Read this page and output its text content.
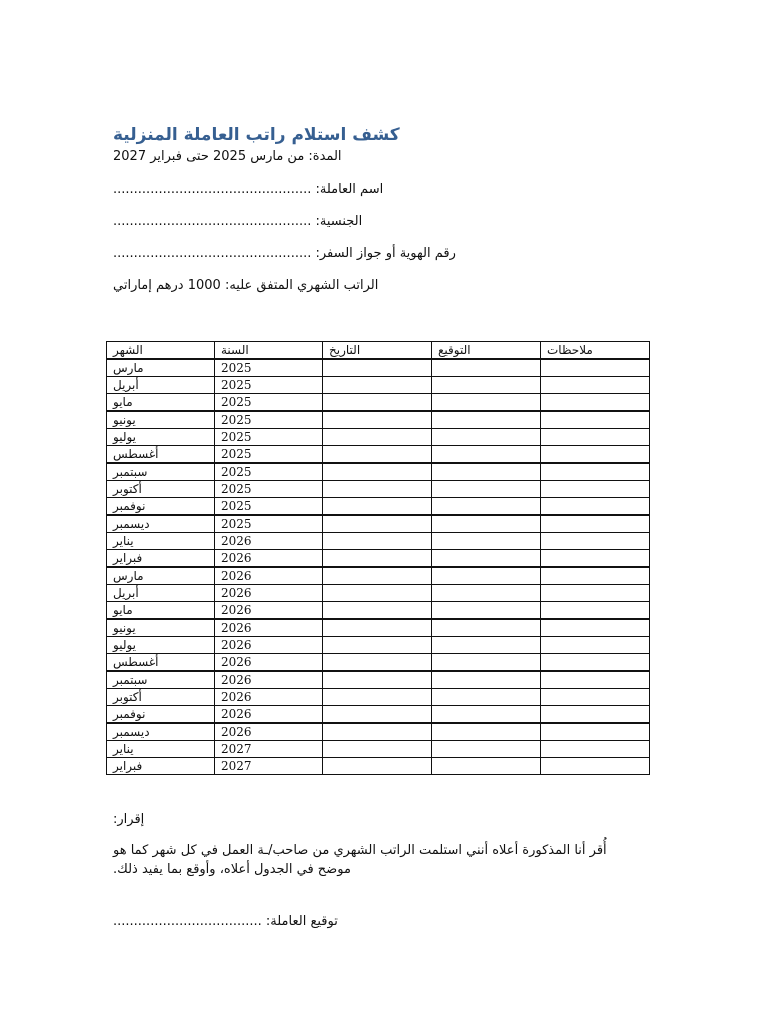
كشف استلام راتب العاملة المنزلية
المدة: من مارس 2025 حتى فبراير 2027
اسم العاملة: ................................................
الجنسية: ................................................
رقم الهوية أو جواز السفر: ................................................
الراتب الشهري المتفق عليه: 1000 درهم إماراتي
الشهر	السنة	التاريخ	التوقيع	ملاحظات
مارس	2025			
أبريل	2025			
مايو	2025			
يونيو	2025			
يوليو	2025			
أغسطس	2025			
سبتمبر	2025			
أكتوبر	2025			
نوفمبر	2025			
ديسمبر	2025			
يناير	2026			
فبراير	2026			
مارس	2026			
أبريل	2026			
مايو	2026			
يونيو	2026			
يوليو	2026			
أغسطس	2026			
سبتمبر	2026			
أكتوبر	2026			
نوفمبر	2026			
ديسمبر	2026			
يناير	2027			
فبراير	2027			
إقرار:
أُقر أنا المذكورة أعلاه أنني استلمت الراتب الشهري من صاحب/ـة العمل في كل شهر كما هو موضح في الجدول أعلاه، وأوقع بما يفيد ذلك.
توقيع العاملة: ....................................
